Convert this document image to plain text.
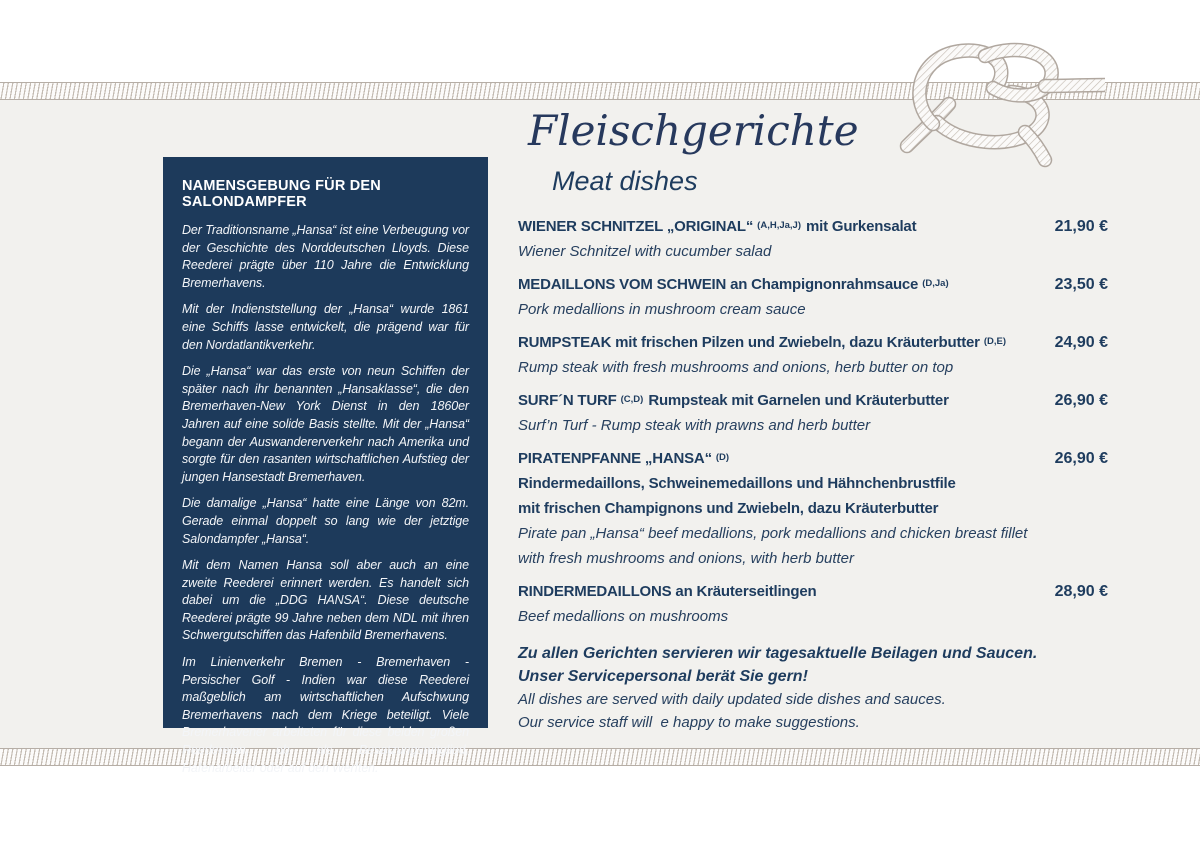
NAMENSGEBUNG FÜR DEN SALONDAMPFER

Der Traditionsname „Hansa“ ist eine Verbeugung vor der Geschichte des Norddeutschen Lloyds. Diese Reederei prägte über 110 Jahre die Entwicklung Bremerhavens.

Mit der Indienststellung der „Hansa“ wurde 1861 eine Schiffs lasse entwickelt, die prägend war für den Nordatlantikverkehr.

Die „Hansa“ war das erste von neun Schiffen der später nach ihr benannten „Hansaklasse“, die den Bremerhaven-New York Dienst in den 1860er Jahren auf eine solide Basis stellte. Mit der „Hansa“ begann der Auswandererverkehr nach Amerika und sorgte für den rasanten wirtschaftlichen Aufstieg der jungen Hansestadt Bremerhaven.

Die damalige „Hansa“ hatte eine Länge von 82m. Gerade einmal doppelt so lang wie der jetztige Salondampfer „Hansa“.

Mit dem Namen Hansa soll aber auch an eine zweite Reederei erinnert werden. Es handelt sich dabei um die „DDG HANSA“. Diese deutsche Reederei prägte 99 Jahre neben dem NDL mit ihren Schwergutschiffen das Hafenbild Bremerhavens.

Im Linienverkehr Bremen - Bremerhaven - Persischer Golf - Indien war diese Reederei maßgeblich am wirtschaftlichen Aufschwung Bremerhavens nach dem Kriege beteiligt. Viele Bremerhavener arbeiteten für diese beiden großen Reedereien, ob als Besatzungsmitglied, Hafenarbeiter oder auf den Werften.

Fleischgerichte
Meat dishes
WIENER SCHNITZEL „ORIGINAL“ (A,H,Ja,J) mit Gurkensalat	21,90 €
Wiener Schnitzel with cucumber salad
MEDAILLONS VOM SCHWEIN an Champignonrahmsauce (D,Ja)	23,50 €
Pork medallions in mushroom cream sauce
RUMPSTEAK mit frischen Pilzen und Zwiebeln, dazu Kräuterbutter (D,E)	24,90 €
Rump steak with fresh mushrooms and onions, herb butter on top
SURF´N TURF (C,D) Rumpsteak mit Garnelen und Kräuterbutter	26,90 €
Surf’n Turf - Rump steak with prawns and herb butter
PIRATENPFANNE „HANSA“ (D)	26,90 €
Rindermedaillons, Schweinemedaillons und Hähnchenbrustfile
mit frischen Champignons und Zwiebeln, dazu Kräuterbutter
Pirate pan „Hansa“ beef medallions, pork medallions and chicken breast fillet
with fresh mushrooms and onions, with herb butter
RINDERMEDAILLONS an Kräuterseitlingen	28,90 €
Beef medallions on mushrooms
Zu allen Gerichten servieren wir tagesaktuelle Beilagen und Saucen.
Unser Servicepersonal berät Sie gern!
All dishes are served with daily updated side dishes and sauces.
Our service staff will  e happy to make suggestions.
